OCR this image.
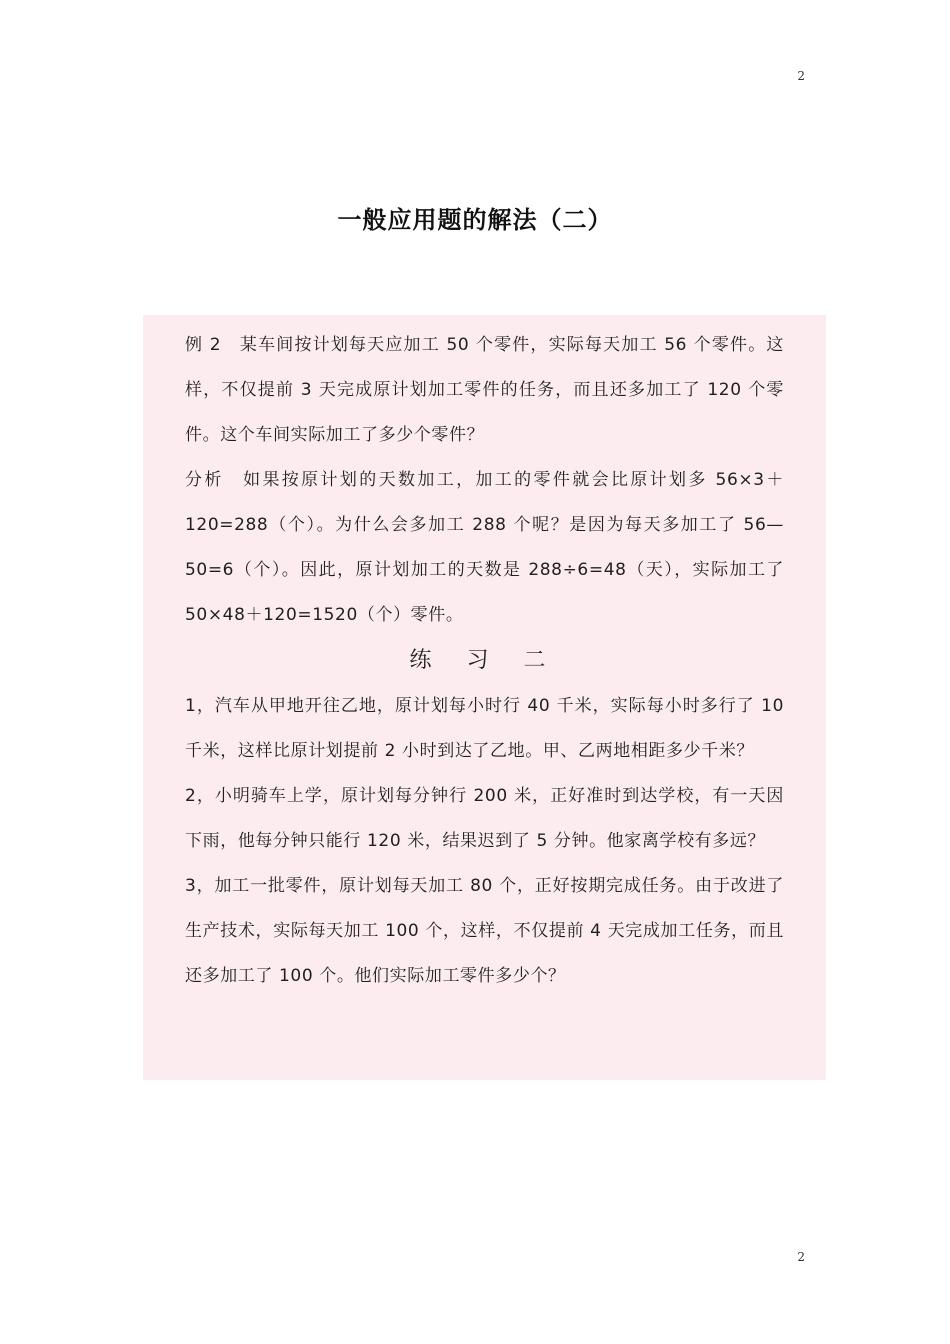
2
一般应用题的解法（二）
例 2　某车间按计划每天应加工 50 个零件，实际每天加工 56 个零件。这样，不仅提前 3 天完成原计划加工零件的任务，而且还多加工了 120 个零件。这个车间实际加工了多少个零件？
分析　如果按原计划的天数加工，加工的零件就会比原计划多 56×3＋120=288（个）。为什么会多加工 288 个呢？是因为每天多加工了 56—50=6（个）。因此，原计划加工的天数是 288÷6=48（天），实际加工了 50×48＋120=1520（个）零件。
练 习 二
1，汽车从甲地开往乙地，原计划每小时行 40 千米，实际每小时多行了 10 千米，这样比原计划提前 2 小时到达了乙地。甲、乙两地相距多少千米？
2，小明骑车上学，原计划每分钟行 200 米，正好准时到达学校，有一天因下雨，他每分钟只能行 120 米，结果迟到了 5 分钟。他家离学校有多远？
3，加工一批零件，原计划每天加工 80 个，正好按期完成任务。由于改进了生产技术，实际每天加工 100 个，这样，不仅提前 4 天完成加工任务，而且还多加工了 100 个。他们实际加工零件多少个？
2
